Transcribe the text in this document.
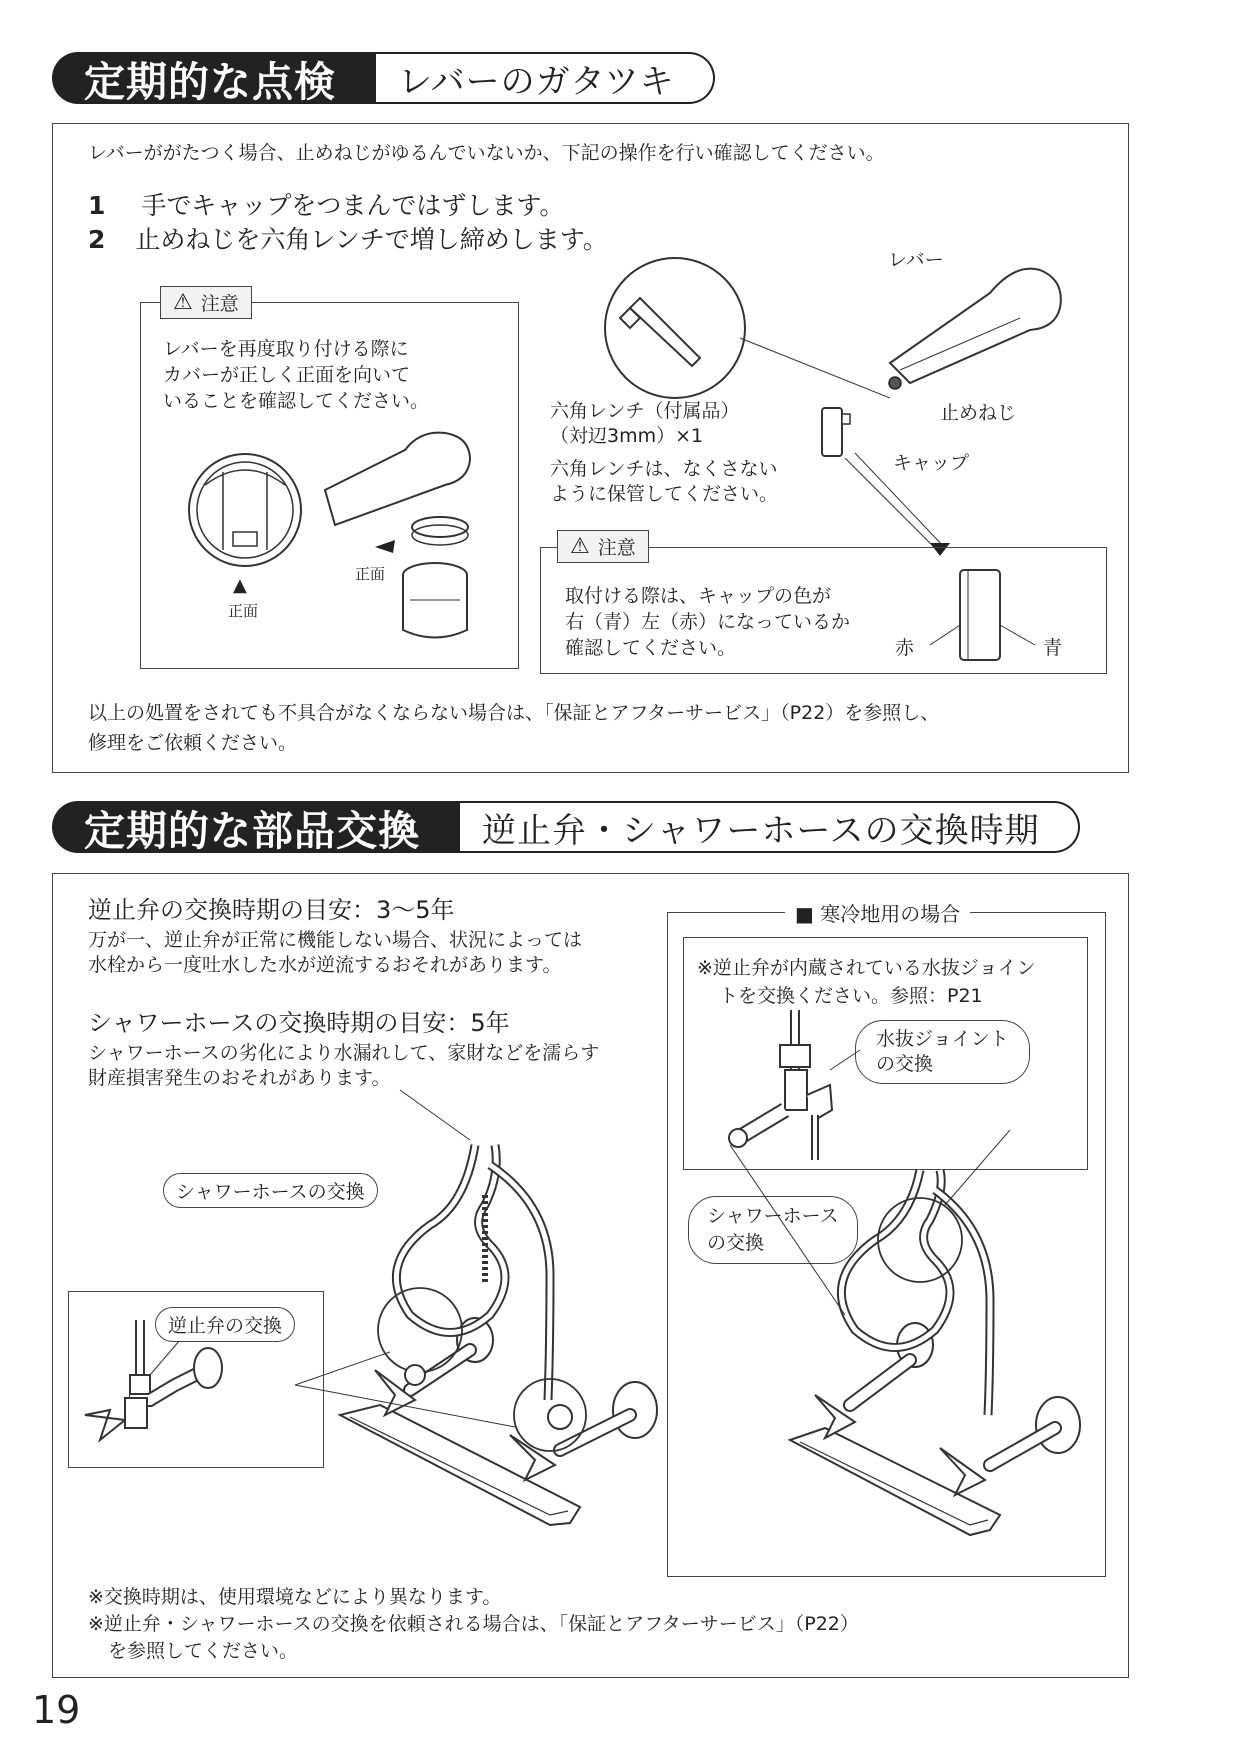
定期的な点検	レバーのガタツキ
レバーががたつく場合、止めねじがゆるんでいないか、下記の操作を行い確認してください。
1 手でキャップをつまんではずします。
2 止めねじを六角レンチで増し締めします。
⚠ 注意
レバーを再度取り付ける際に
カバーが正しく正面を向いて
いることを確認してください。
▲
正面
正面
レバー
止めねじ
キャップ
六角レンチ（付属品）
（対辺3mm）×1
六角レンチは、なくさない
ように保管してください。
⚠ 注意
取付ける際は、キャップの色が
右（青）左（赤）になっているか
確認してください。	赤	青
以上の処置をされても不具合がなくならない場合は、「保証とアフターサービス」（P22）を参照し、
修理をご依頼ください。
定期的な部品交換	逆止弁・シャワーホースの交換時期
逆止弁の交換時期の目安：3〜5年
万が一、逆止弁が正常に機能しない場合、状況によっては
水栓から一度吐水した水が逆流するおそれがあります。
シャワーホースの交換時期の目安：5年
シャワーホースの劣化により水漏れして、家財などを濡らす
財産損害発生のおそれがあります。
シャワーホースの交換
逆止弁の交換
■ 寒冷地用の場合
※逆止弁が内蔵されている水抜ジョイン
トを交換ください。参照：P21
水抜ジョイント
の交換
シャワーホース
の交換
※交換時期は、使用環境などにより異なります。
※逆止弁・シャワーホースの交換を依頼される場合は、「保証とアフターサービス」（P22）
を参照してください。
19
